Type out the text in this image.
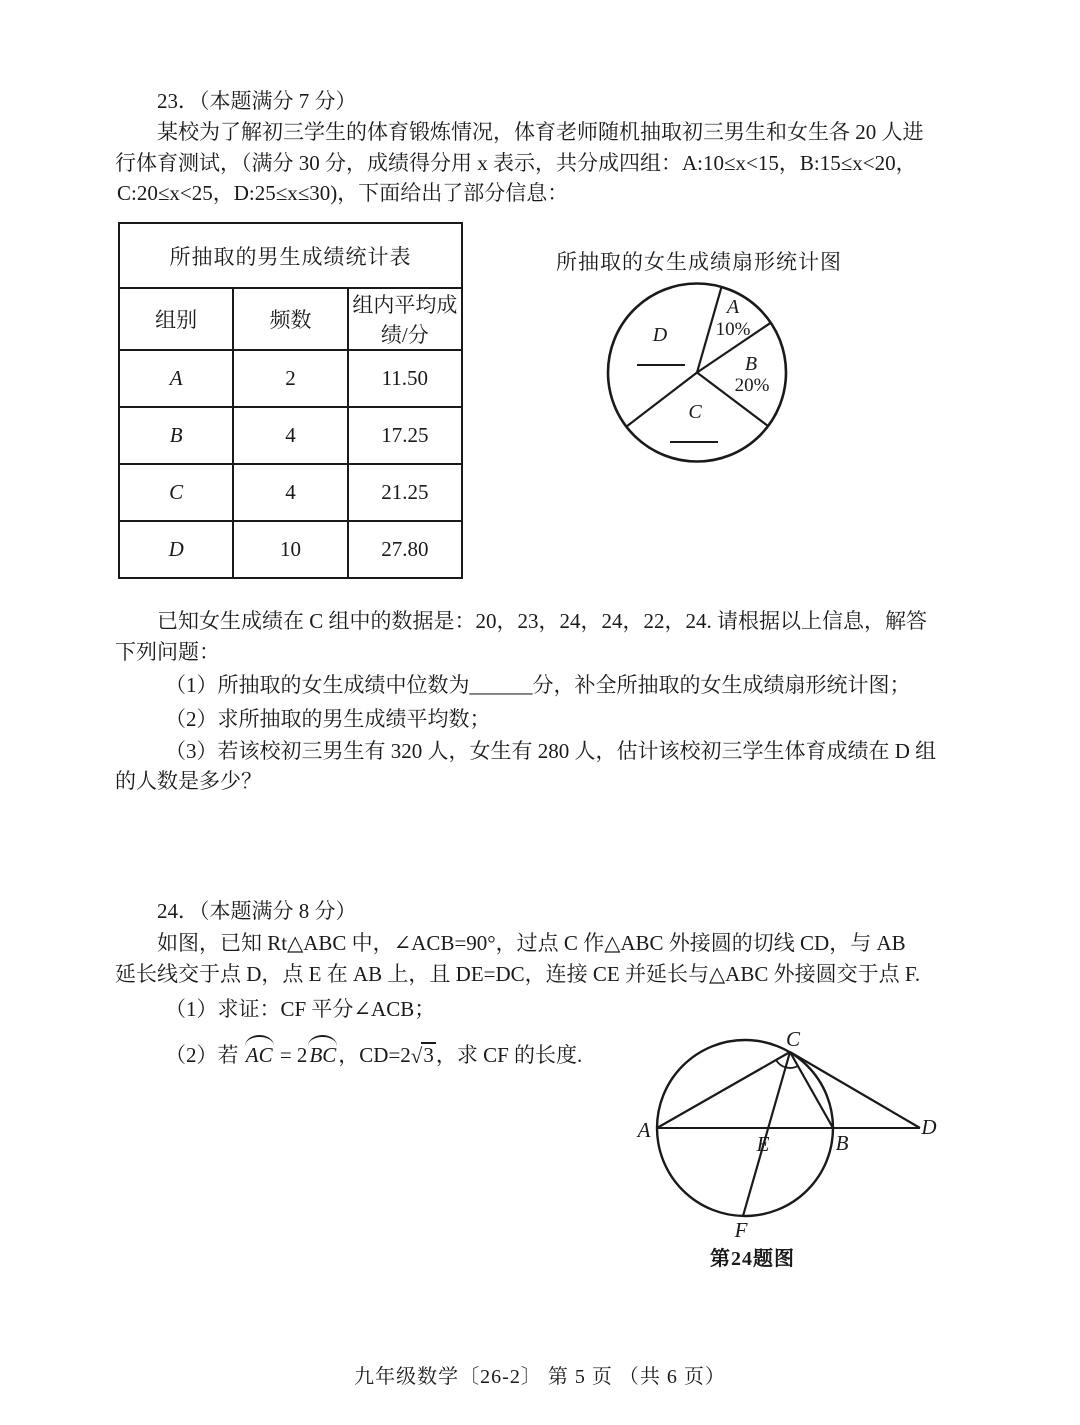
23．（本题满分 7 分）
某校为了解初三学生的体育锻炼情况，体育老师随机抽取初三男生和女生各 20 人进
行体育测试，（满分 30 分，成绩得分用 x 表示，共分成四组：A:10≤x<15，B:15≤x<20，
C:20≤x<25，D:25≤x≤30)，下面给出了部分信息：
所抽取的男生成绩统计表		
组别	频数	组内平均成绩/分
A	2	11.50
B	4	17.25
C	4	21.25
D	10	27.80
所抽取的女生成绩扇形统计图
A
10%
B
20%
D
C
已知女生成绩在 C 组中的数据是：20，23，24，24，22，24. 请根据以上信息，解答
下列问题：
（1）所抽取的女生成绩中位数为______分，补全所抽取的女生成绩扇形统计图；
（2）求所抽取的男生成绩平均数；
（3）若该校初三男生有 320 人，女生有 280 人，估计该校初三学生体育成绩在 D 组
的人数是多少？
24．（本题满分 8 分）
如图，已知 Rt△ABC 中，∠ACB=90°，过点 C 作△ABC 外接圆的切线 CD，与 AB
延长线交于点 D，点 E 在 AB 上，且 DE=DC，连接 CE 并延长与△ABC 外接圆交于点 F.
（1）求证：CF 平分∠ACB；
（2）若 AC = 2BC，CD=2√3，求 CF 的长度.
A
B
C
D
E
F
第24题图
九年级数学〔26-2〕 第 5 页 （共 6 页）
